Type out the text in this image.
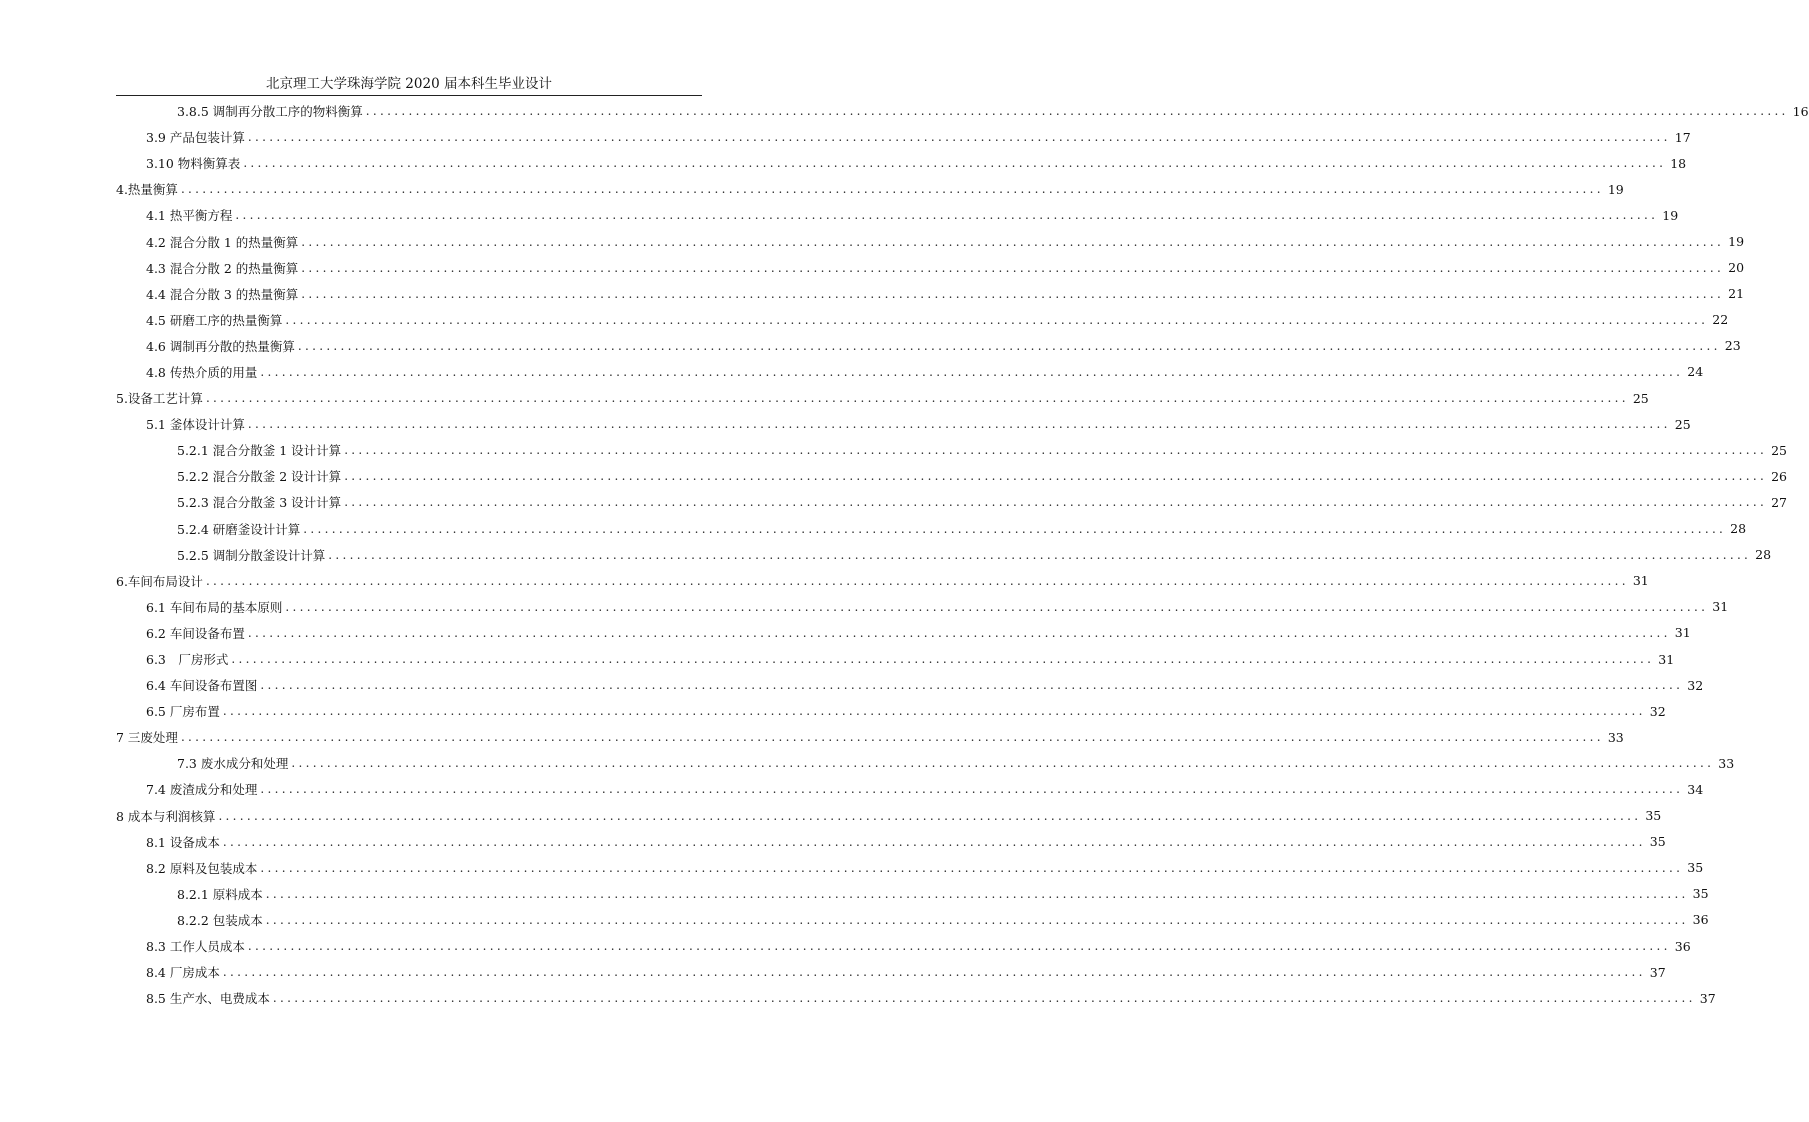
北京理工大学珠海学院 2020 届本科生毕业设计
3.8.5 调制再分散工序的物料衡算 ........................................................................................................................................................................................................ 16
3.9 产品包装计算 ........................................................................................................................................................................................................ 17
3.10 物料衡算表 ........................................................................................................................................................................................................ 18
4.热量衡算 ........................................................................................................................................................................................................ 19
4.1 热平衡方程 ........................................................................................................................................................................................................ 19
4.2 混合分散 1 的热量衡算 ........................................................................................................................................................................................................ 19
4.3 混合分散 2 的热量衡算 ........................................................................................................................................................................................................ 20
4.4 混合分散 3 的热量衡算 ........................................................................................................................................................................................................ 21
4.5 研磨工序的热量衡算 ........................................................................................................................................................................................................ 22
4.6 调制再分散的热量衡算 ........................................................................................................................................................................................................ 23
4.8 传热介质的用量 ........................................................................................................................................................................................................ 24
5.设备工艺计算 ........................................................................................................................................................................................................ 25
5.1 釜体设计计算 ........................................................................................................................................................................................................ 25
5.2.1 混合分散釜 1 设计计算 ........................................................................................................................................................................................................ 25
5.2.2 混合分散釜 2 设计计算 ........................................................................................................................................................................................................ 26
5.2.3 混合分散釜 3 设计计算 ........................................................................................................................................................................................................ 27
5.2.4 研磨釜设计计算 ........................................................................................................................................................................................................ 28
5.2.5 调制分散釜设计计算 ........................................................................................................................................................................................................ 28
6.车间布局设计 ........................................................................................................................................................................................................ 31
6.1 车间布局的基本原则 ........................................................................................................................................................................................................ 31
6.2 车间设备布置 ........................................................................................................................................................................................................ 31
6.3　厂房形式 ........................................................................................................................................................................................................ 31
6.4 车间设备布置图 ........................................................................................................................................................................................................ 32
6.5 厂房布置 ........................................................................................................................................................................................................ 32
7 三废处理 ........................................................................................................................................................................................................ 33
7.3 废水成分和处理 ........................................................................................................................................................................................................ 33
7.4 废渣成分和处理 ........................................................................................................................................................................................................ 34
8 成本与利润核算 ........................................................................................................................................................................................................ 35
8.1 设备成本 ........................................................................................................................................................................................................ 35
8.2 原料及包装成本 ........................................................................................................................................................................................................ 35
8.2.1 原料成本 ........................................................................................................................................................................................................ 35
8.2.2 包装成本 ........................................................................................................................................................................................................ 36
8.3 工作人员成本 ........................................................................................................................................................................................................ 36
8.4 厂房成本 ........................................................................................................................................................................................................ 37
8.5 生产水、电费成本 ........................................................................................................................................................................................................ 37
